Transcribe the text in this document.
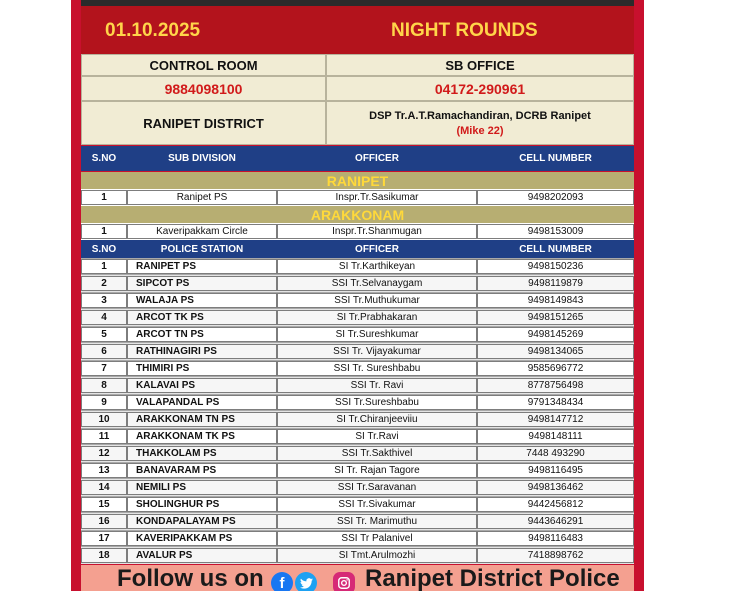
01.10.2025	NIGHT ROUNDS
CONTROL ROOM	SB OFFICE
9884098100	04172-290961
RANIPET DISTRICT	DSP Tr.A.T.Ramachandiran, DCRB Ranipet
(Mike 22)
S.NO	SUB DIVISION	OFFICER	CELL NUMBER
RANIPET
1	Ranipet PS	Inspr.Tr.Sasikumar	9498202093
ARAKKONAM
1	Kaveripakkam Circle	Inspr.Tr.Shanmugan	9498153009
S.NO	POLICE STATION	OFFICER	CELL NUMBER
1	RANIPET PS	SI Tr.Karthikeyan	9498150236
2	SIPCOT PS	SSI Tr.Selvanaygam	9498119879
3	WALAJA PS	SSI Tr.Muthukumar	9498149843
4	ARCOT TK PS	SI Tr.Prabhakaran	9498151265
5	ARCOT TN PS	SI Tr.Sureshkumar	9498145269
6	RATHINAGIRI PS	SSI Tr. Vijayakumar	9498134065
7	THIMIRI PS	SSI Tr. Sureshbabu	9585696772
8	KALAVAI PS	SSI Tr. Ravi	8778756498
9	VALAPANDAL PS	SSI Tr.Sureshbabu	9791348434
10	ARAKKONAM TN PS	SI Tr.Chiranjeeviiu	9498147712
11	ARAKKONAM TK PS	SI Tr.Ravi	9498148111
12	THAKKOLAM PS	SSI Tr.Sakthivel	7448 493290
13	BANAVARAM PS	SI Tr. Rajan Tagore	9498116495
14	NEMILI PS	SSI Tr.Saravanan	9498136462
15	SHOLINGHUR PS	SSI Tr.Sivakumar	9442456812
16	KONDAPALAYAM PS	SSI Tr. Marimuthu	9443646291
17	KAVERIPAKKAM PS	SSI Tr Palanivel	9498116483
18	AVALUR PS	SI Tmt.Arulmozhi	7418898762
Follow us on	f	Ranipet District Police
